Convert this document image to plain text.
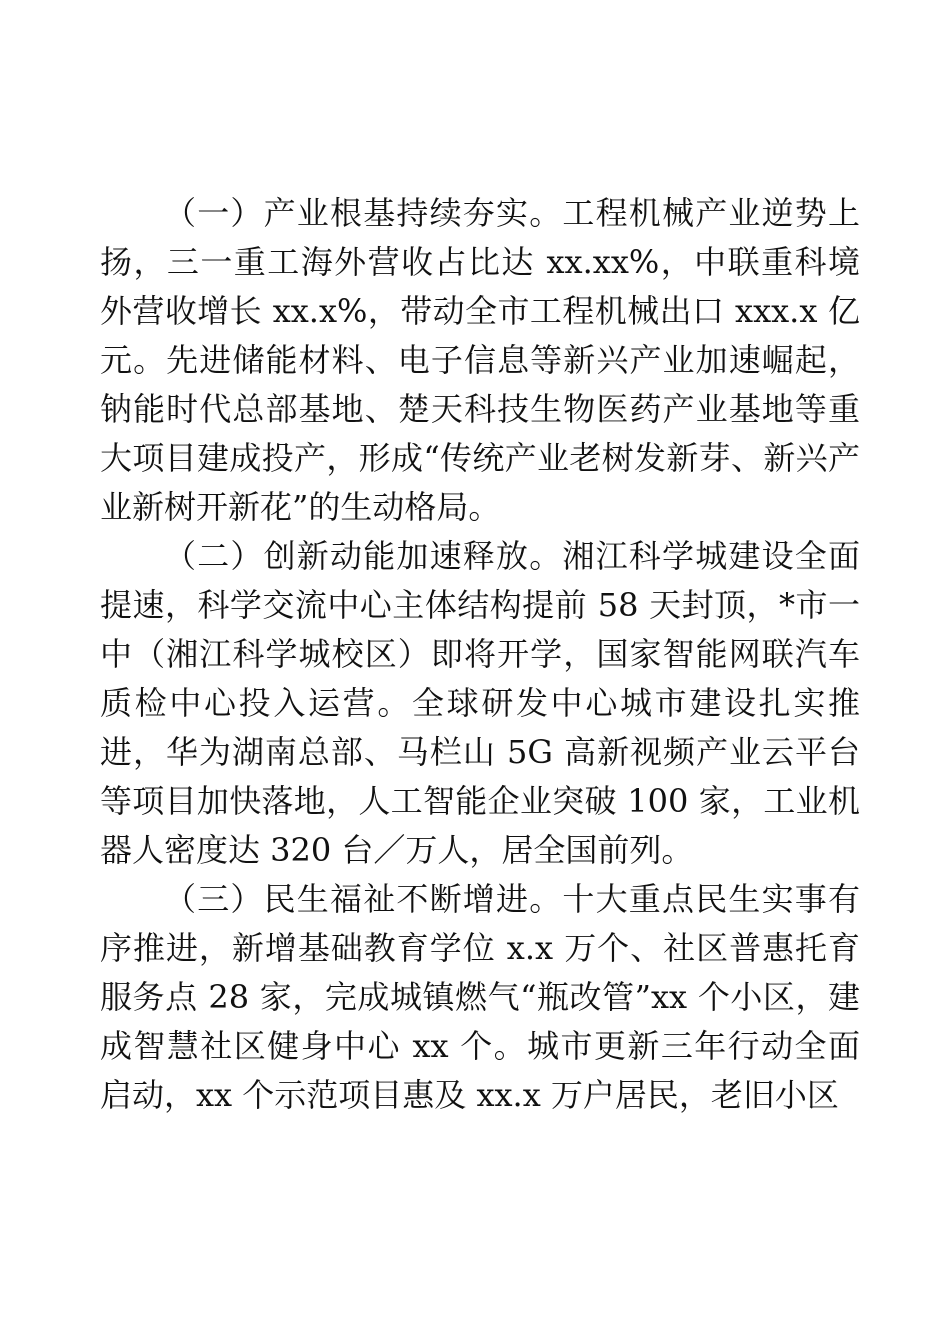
（一）产业根基持续夯实。工程机械产业逆势上扬，三一重工海外营收占比达 xx.xx%，中联重科境外营收增长 xx.x%，带动全市工程机械出口 xxx.x 亿元。先进储能材料、电子信息等新兴产业加速崛起，钠能时代总部基地、楚天科技生物医药产业基地等重大项目建成投产，形成“传统产业老树发新芽、新兴产业新树开新花”的生动格局。

（二）创新动能加速释放。湘江科学城建设全面提速，科学交流中心主体结构提前 58 天封顶，*市一中（湘江科学城校区）即将开学，国家智能网联汽车质检中心投入运营。全球研发中心城市建设扎实推进，华为湖南总部、马栏山 5G 高新视频产业云平台等项目加快落地，人工智能企业突破 100 家，工业机器人密度达 320 台／万人，居全国前列。

（三）民生福祉不断增进。十大重点民生实事有序推进，新增基础教育学位 x.x 万个、社区普惠托育服务点 28 家，完成城镇燃气“瓶改管”xx 个小区，建成智慧社区健身中心 xx 个。城市更新三年行动全面启动，xx 个示范项目惠及 xx.x 万户居民，老旧小区
